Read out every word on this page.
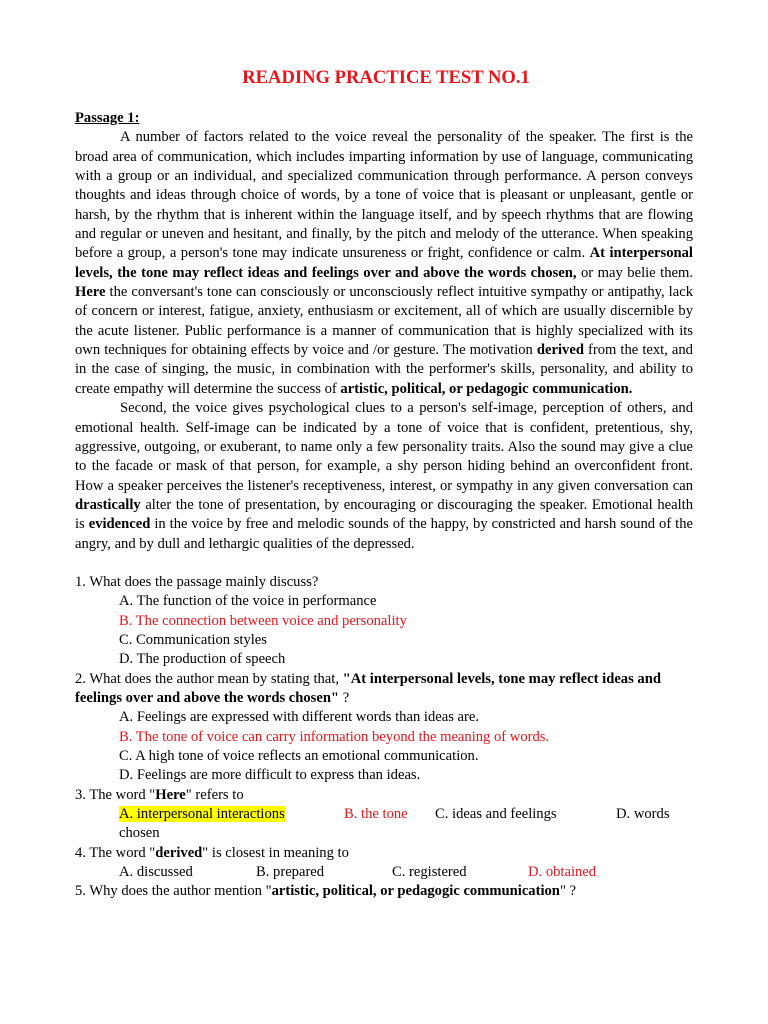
READING PRACTICE TEST NO.1

Passage 1:
A number of factors related to the voice reveal the personality of the speaker. The first is the broad area of communication, which includes imparting information by use of language, communicating with a group or an individual, and specialized communication through performance. A person conveys thoughts and ideas through choice of words, by a tone of voice that is pleasant or unpleasant, gentle or harsh, by the rhythm that is inherent within the language itself, and by speech rhythms that are flowing and regular or uneven and hesitant, and finally, by the pitch and melody of the utterance. When speaking before a group, a person's tone may indicate unsureness or fright, confidence or calm. At interpersonal levels, the tone may reflect ideas and feelings over and above the words chosen, or may belie them. Here the conversant's tone can consciously or unconsciously reflect intuitive sympathy or antipathy, lack of concern or interest, fatigue, anxiety, enthusiasm or excitement, all of which are usually discernible by the acute listener. Public performance is a manner of communication that is highly specialized with its own techniques for obtaining effects by voice and /or gesture. The motivation derived from the text, and in the case of singing, the music, in combination with the performer's skills, personality, and ability to create empathy will determine the success of artistic, political, or pedagogic communication.

Second, the voice gives psychological clues to a person's self-image, perception of others, and emotional health. Self-image can be indicated by a tone of voice that is confident, pretentious, shy, aggressive, outgoing, or exuberant, to name only a few personality traits. Also the sound may give a clue to the facade or mask of that person, for example, a shy person hiding behind an overconfident front. How a speaker perceives the listener's receptiveness, interest, or sympathy in any given conversation can drastically alter the tone of presentation, by encouraging or discouraging the speaker. Emotional health is evidenced in the voice by free and melodic sounds of the happy, by constricted and harsh sound of the angry, and by dull and lethargic qualities of the depressed.

1. What does the passage mainly discuss?

A. The function of the voice in performance

B. The connection between voice and personality

C. Communication styles

D. The production of speech

2. What does the author mean by stating that, "At interpersonal levels, tone may reflect ideas and feelings over and above the words chosen" ?

A. Feelings are expressed with different words than ideas are.

B. The tone of voice can carry information beyond the meaning of words.

C. A high tone of voice reflects an emotional communication.

D. Feelings are more difficult to express than ideas.

3. The word "Here" refers to

A. interpersonal interactions	B. the tone	C. ideas and feelings	D. words

chosen

4. The word "derived" is closest in meaning to

A. discussed	B. prepared	C. registered	D. obtained

5. Why does the author mention "artistic, political, or pedagogic communication" ?
